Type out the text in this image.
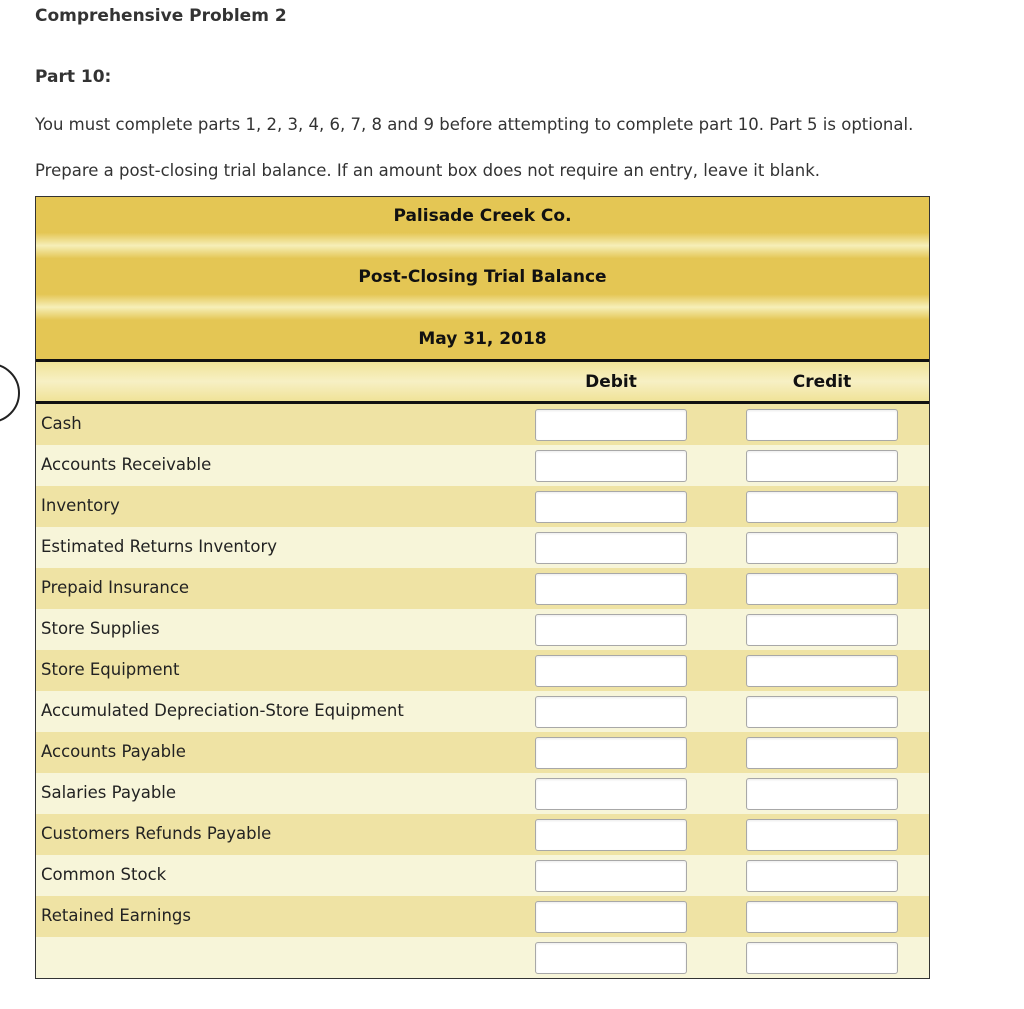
Comprehensive Problem 2
Part 10:
You must complete parts 1, 2, 3, 4, 6, 7, 8 and 9 before attempting to complete part 10. Part 5 is optional.
Prepare a post-closing trial balance. If an amount box does not require an entry, leave it blank.
Palisade Creek Co.
Post-Closing Trial Balance
May 31, 2018
Debit	Credit
Cash
Accounts Receivable
Inventory
Estimated Returns Inventory
Prepaid Insurance
Store Supplies
Store Equipment
Accumulated Depreciation-Store Equipment
Accounts Payable
Salaries Payable
Customers Refunds Payable
Common Stock
Retained Earnings
